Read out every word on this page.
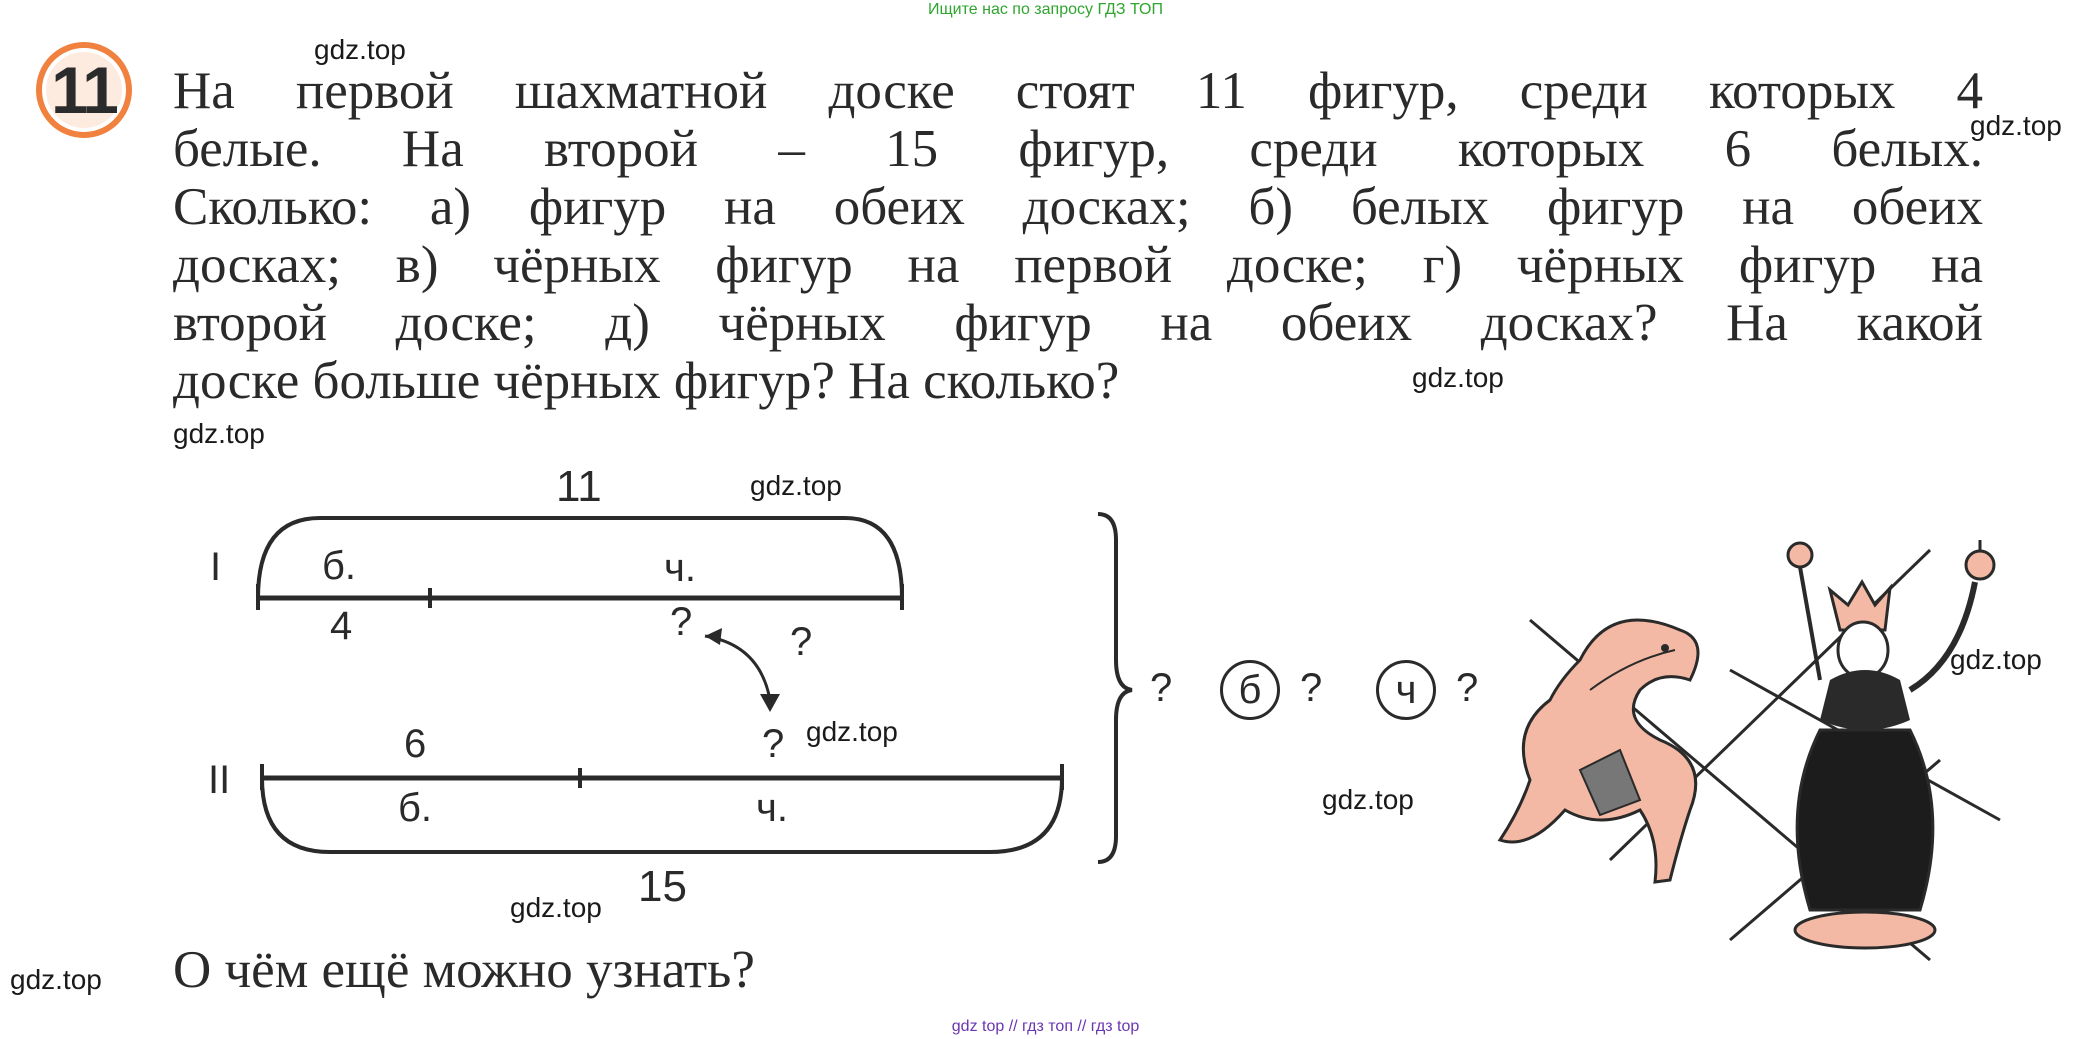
Ищите нас по запросу ГДЗ ТОП
11 На первой шахматной доске стоят 11 фигур, среди которых 4
белые. На второй – 15 фигур, среди которых 6 белых.
Сколько: а) фигур на обеих досках; б) белых фигур на обеих
досках; в) чёрных фигур на первой доске; г) чёрных фигур на
второй доске; д) чёрных фигур на обеих досках? На какой
доске больше чёрных фигур? На сколько?
gdz.top
gdz.top
gdz.top
gdz.top
gdz.top
gdz.top
gdz.top
gdz.top
gdz.top
gdz.top
I
11
б.
4
ч.
? ?
II
6
б.
?
ч.
15
?	б ?	ч ?
О чём ещё можно узнать?
gdz top // гдз топ // гдз top
